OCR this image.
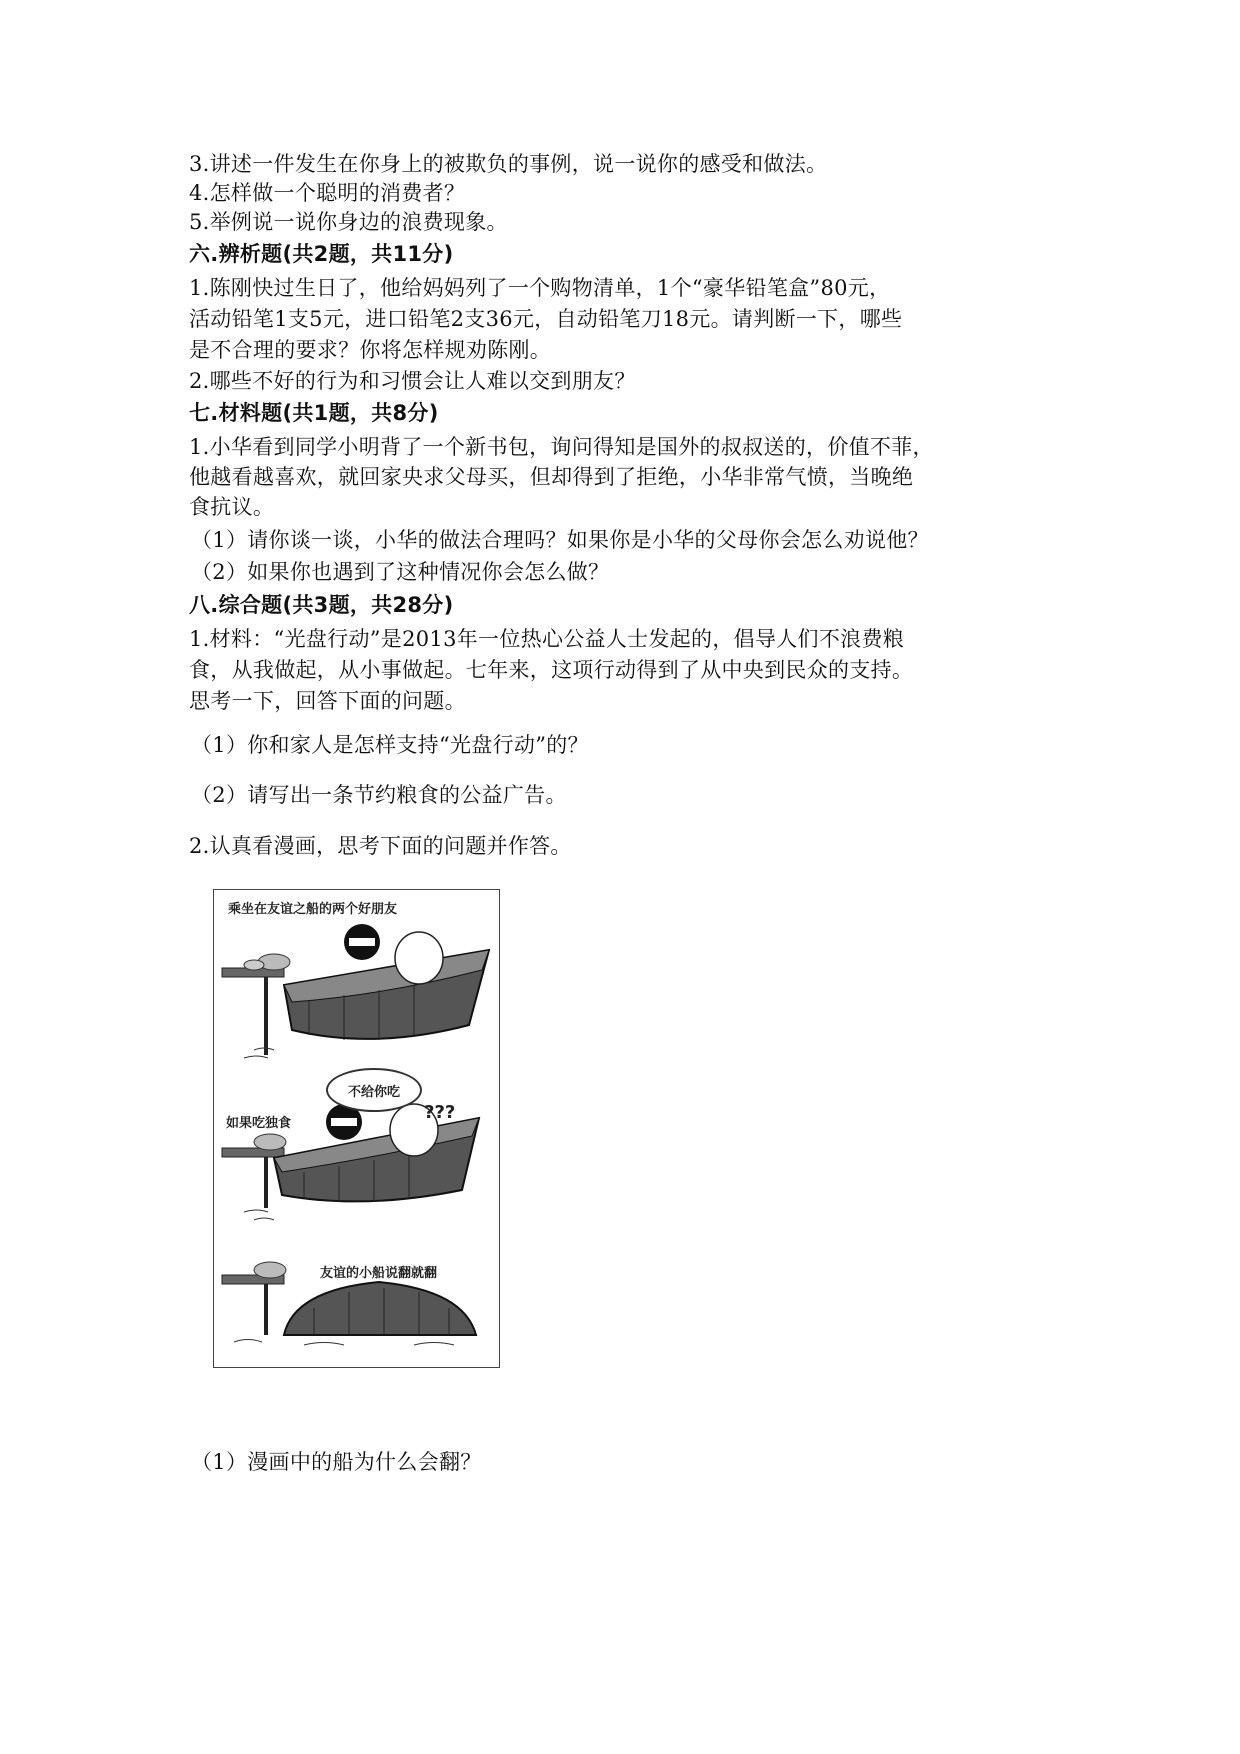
3.讲述一件发生在你身上的被欺负的事例，说一说你的感受和做法。
4.怎样做一个聪明的消费者？
5.举例说一说你身边的浪费现象。
六.辨析题(共2题，共11分)
1.陈刚快过生日了，他给妈妈列了一个购物清单，1个“豪华铅笔盒”80元，
活动铅笔1支5元，进口铅笔2支36元，自动铅笔刀18元。请判断一下，哪些
是不合理的要求？你将怎样规劝陈刚。
2.哪些不好的行为和习惯会让人难以交到朋友？
七.材料题(共1题，共8分)
1.小华看到同学小明背了一个新书包，询问得知是国外的叔叔送的，价值不菲，
他越看越喜欢，就回家央求父母买，但却得到了拒绝，小华非常气愤，当晚绝
食抗议。
（1）请你谈一谈，小华的做法合理吗？如果你是小华的父母你会怎么劝说他？
（2）如果你也遇到了这种情况你会怎么做？
八.综合题(共3题，共28分)
1.材料：“光盘行动”是2013年一位热心公益人士发起的，倡导人们不浪费粮
食，从我做起，从小事做起。七年来，这项行动得到了从中央到民众的支持。
思考一下，回答下面的问题。
（1）你和家人是怎样支持“光盘行动”的？
（2）请写出一条节约粮食的公益广告。
2.认真看漫画，思考下面的问题并作答。
（1）漫画中的船为什么会翻？
乘坐在友谊之船的两个好朋友
不给你吃
???
如果吃独食
友谊的小船说翻就翻
